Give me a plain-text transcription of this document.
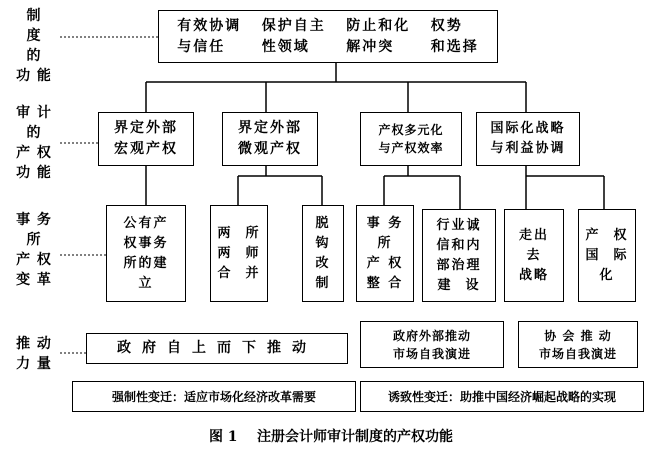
制
度
的
功 能
审 计
的
产 权
功 能
事 务
所
产 权
变 革
推 动
力 量
有效协调
与信任
保护自主
性领域
防止和化
解冲突
权势
和选择
界定外部
宏观产权
界定外部
微观产权
产权多元化
与产权效率
国际化战略
与利益协调
公有产
权事务
所的建
立
两  所
两  师
合  并
脱
钩
改
制
事 务
所
产 权
整 合
行业诚
信和内
部治理
建  设
走出
去
战略
产  权
国  际
化
政府自上而下推动
政府外部推动
市场自我演进
协 会 推 动
市场自我演进
强制性变迁：适应市场化经济改革需要	诱致性变迁：助推中国经济崛起战略的实现
图 1    注册会计师审计制度的产权功能
